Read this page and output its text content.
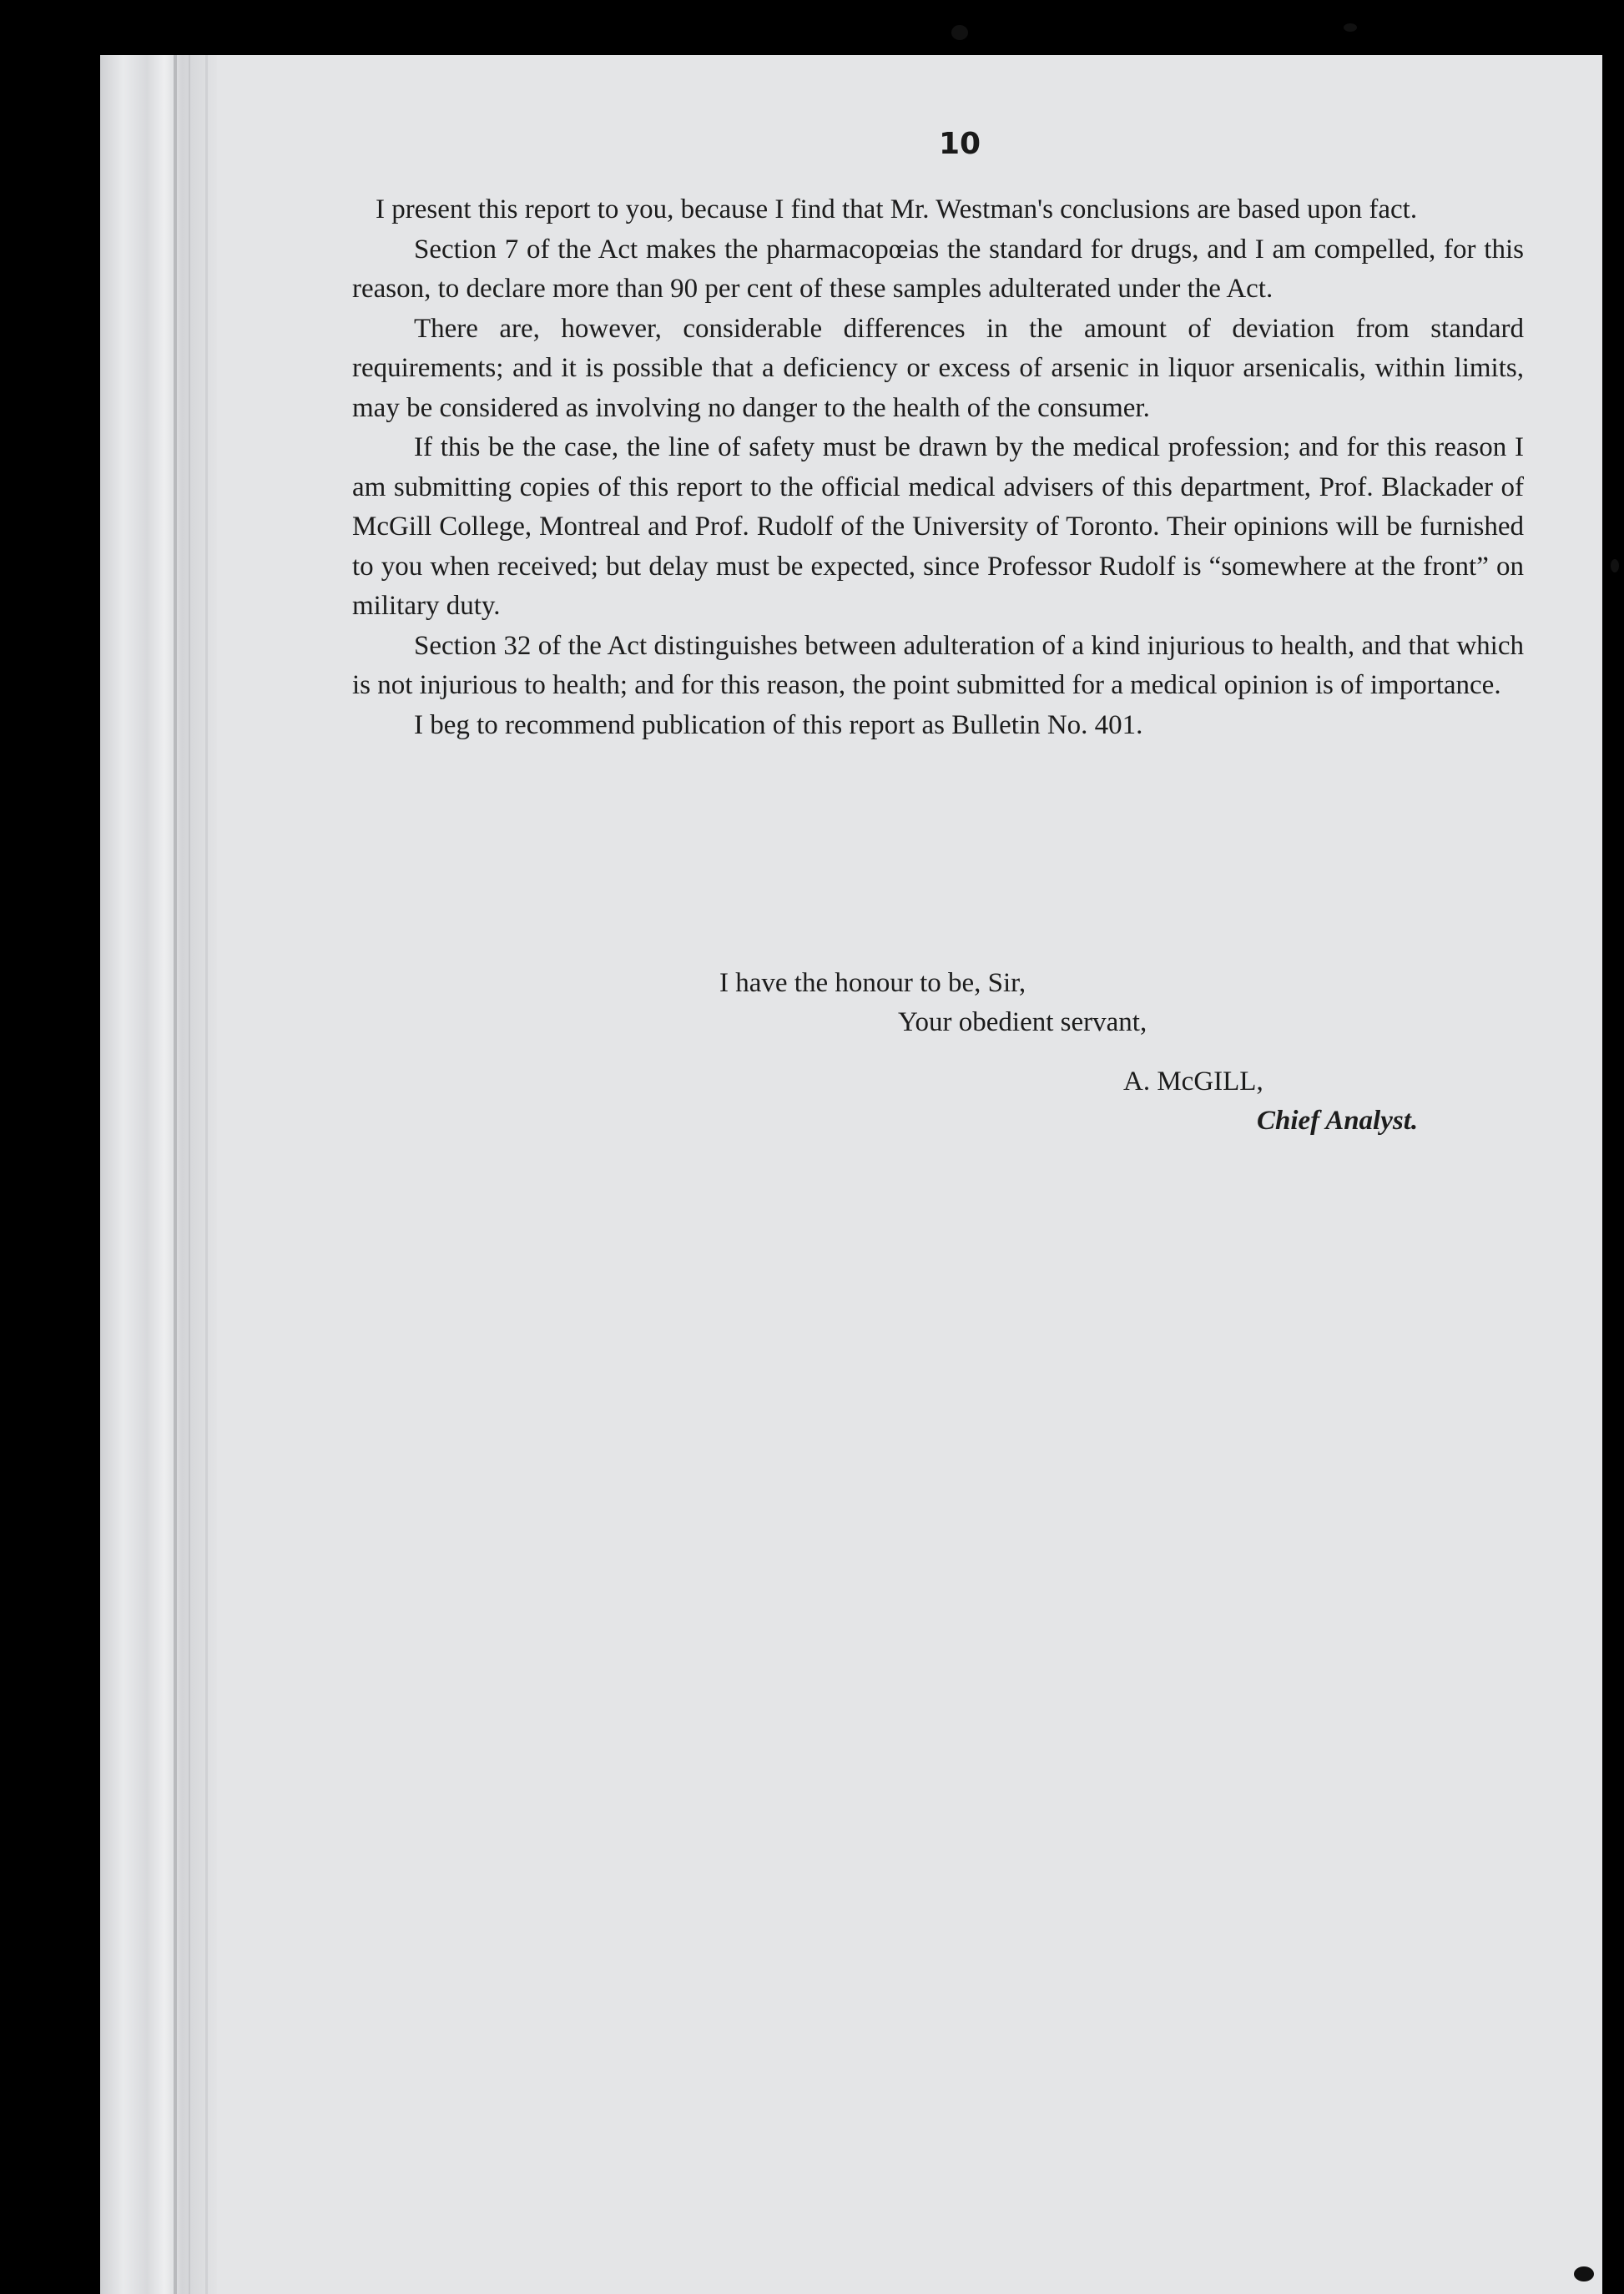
10

I present this report to you, because I find that Mr. Westman's conclusions are based upon fact.

Section 7 of the Act makes the pharmacopœias the standard for drugs, and I am compelled, for this reason, to declare more than 90 per cent of these samples adulterated under the Act.

There are, however, considerable differences in the amount of deviation from standard requirements; and it is possible that a deficiency or excess of arsenic in liquor arsenicalis, within limits, may be considered as involving no danger to the health of the consumer.

If this be the case, the line of safety must be drawn by the medical profession; and for this reason I am submitting copies of this report to the official medical advisers of this department, Prof. Blackader of McGill College, Montreal and Prof. Rudolf of the University of Toronto. Their opinions will be furnished to you when received; but delay must be expected, since Professor Rudolf is “somewhere at the front” on military duty.

Section 32 of the Act distinguishes between adulteration of a kind injurious to health, and that which is not injurious to health; and for this reason, the point submitted for a medical opinion is of importance.

I beg to recommend publication of this report as Bulletin No. 401.

I have the honour to be, Sir,

Your obedient servant,

A. McGILL,

Chief Analyst.
